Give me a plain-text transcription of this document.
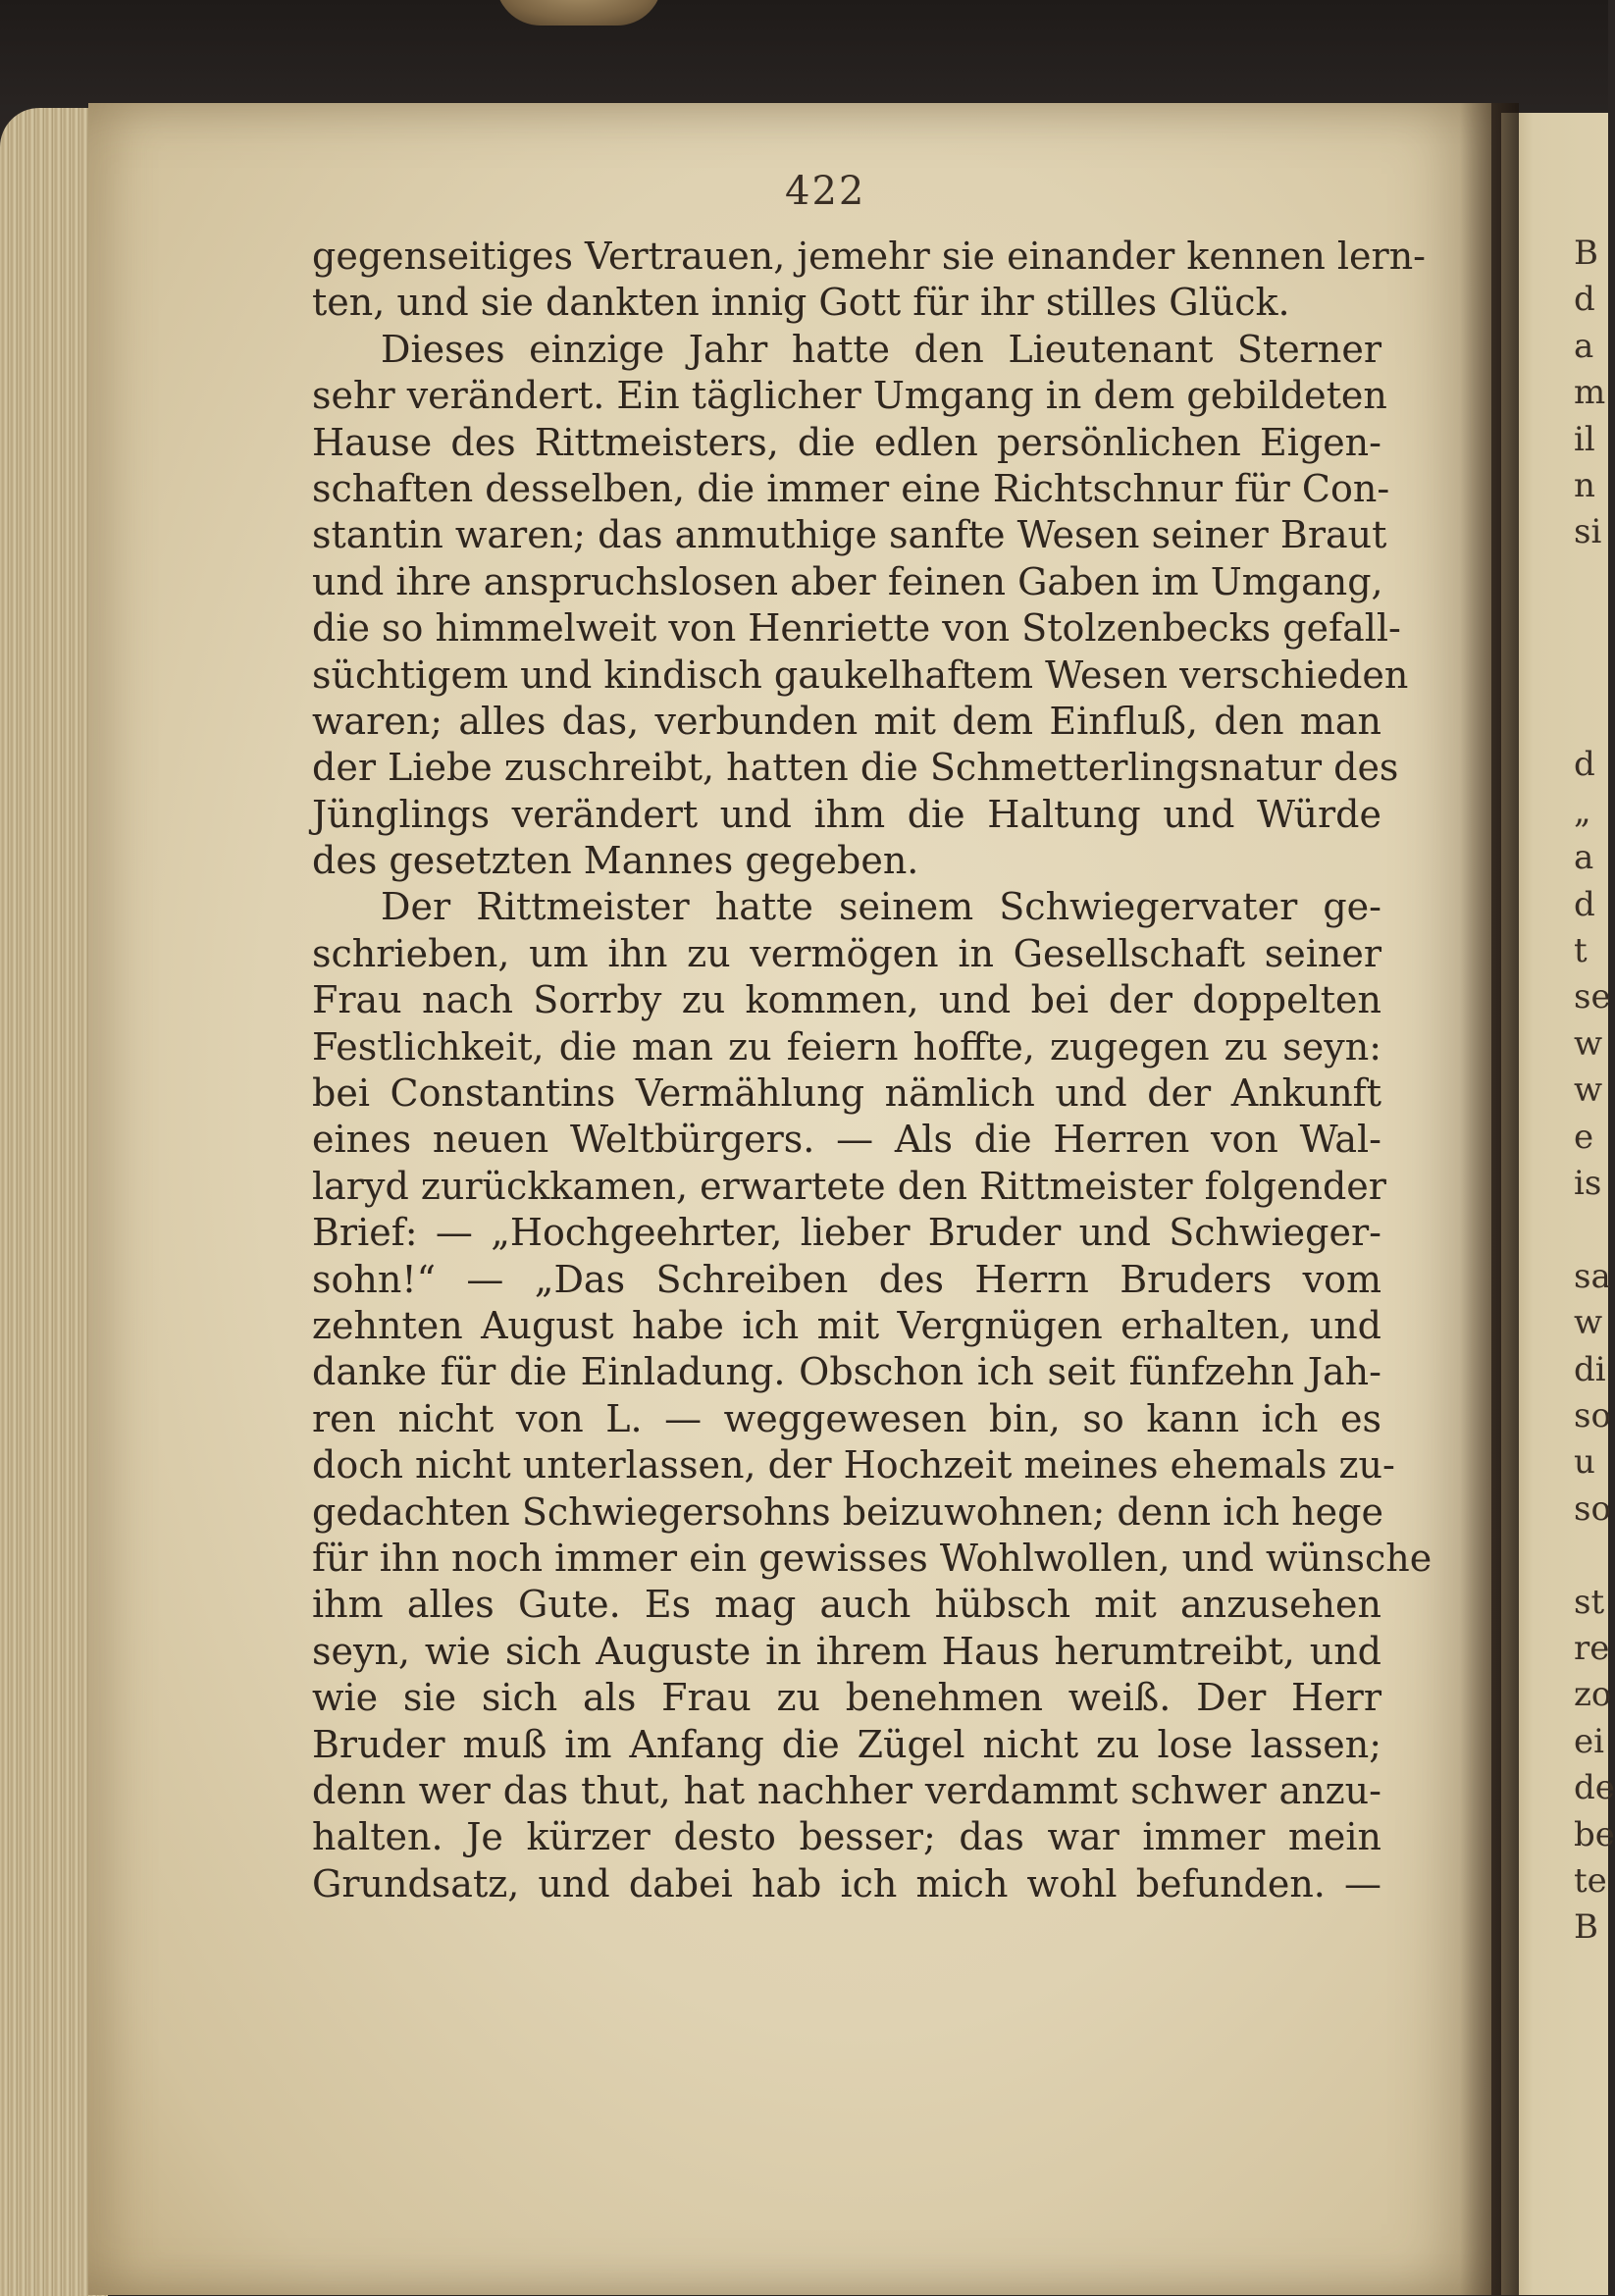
422
gegenseitiges Vertrauen, jemehr sie einander kennen lern-
ten, und sie dankten innig Gott für ihr stilles Glück.
Dieses einzige Jahr hatte den Lieutenant Sterner
sehr verändert. Ein täglicher Umgang in dem gebildeten
Hause des Rittmeisters, die edlen persönlichen Eigen-
schaften desselben, die immer eine Richtschnur für Con-
stantin waren; das anmuthige sanfte Wesen seiner Braut
und ihre anspruchslosen aber feinen Gaben im Umgang,
die so himmelweit von Henriette von Stolzenbecks gefall-
süchtigem und kindisch gaukelhaftem Wesen verschieden
waren; alles das, verbunden mit dem Einfluß, den man
der Liebe zuschreibt, hatten die Schmetterlingsnatur des
Jünglings verändert und ihm die Haltung und Würde
des gesetzten Mannes gegeben.
Der Rittmeister hatte seinem Schwiegervater ge-
schrieben, um ihn zu vermögen in Gesellschaft seiner
Frau nach Sorrby zu kommen, und bei der doppelten
Festlichkeit, die man zu feiern hoffte, zugegen zu seyn:
bei Constantins Vermählung nämlich und der Ankunft
eines neuen Weltbürgers. — Als die Herren von Wal-
laryd zurückkamen, erwartete den Rittmeister folgender
Brief: — „Hochgeehrter, lieber Bruder und Schwieger-
sohn!“ — „Das Schreiben des Herrn Bruders vom
zehnten August habe ich mit Vergnügen erhalten, und
danke für die Einladung. Obschon ich seit fünfzehn Jah-
ren nicht von L. — weggewesen bin, so kann ich es
doch nicht unterlassen, der Hochzeit meines ehemals zu-
gedachten Schwiegersohns beizuwohnen; denn ich hege
für ihn noch immer ein gewisses Wohlwollen, und wünsche
ihm alles Gute. Es mag auch hübsch mit anzusehen
seyn, wie sich Auguste in ihrem Haus herumtreibt, und
wie sie sich als Frau zu benehmen weiß. Der Herr
Bruder muß im Anfang die Zügel nicht zu lose lassen;
denn wer das thut, hat nachher verdammt schwer anzu-
halten. Je kürzer desto besser; das war immer mein
Grundsatz, und dabei hab ich mich wohl befunden. —
B
d
a
m
il
n
si
d
„
a
d
t
se
w
w
e
is
sa
w
di
so
u
so
st
re
zo
ei
de
be
te
B
